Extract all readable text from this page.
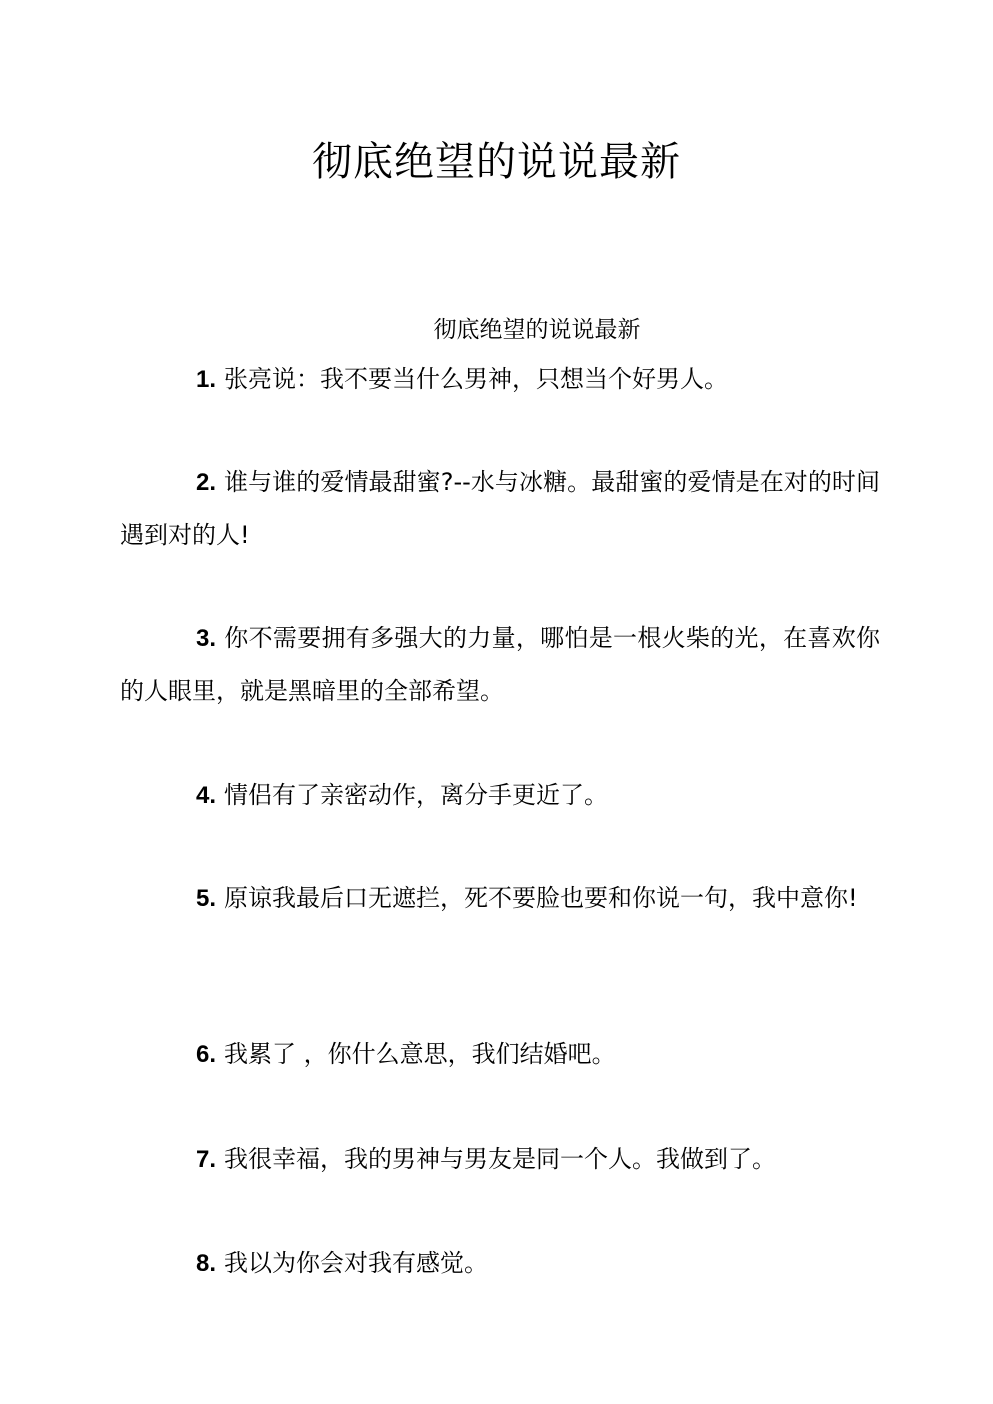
彻底绝望的说说最新
彻底绝望的说说最新
1. 张亮说：我不要当什么男神，只想当个好男人。
2. 谁与谁的爱情最甜蜜?--水与冰糖。最甜蜜的爱情是在对的时间遇到对的人!
3. 你不需要拥有多强大的力量，哪怕是一根火柴的光，在喜欢你的人眼里，就是黑暗里的全部希望。
4. 情侣有了亲密动作，离分手更近了。
5. 原谅我最后口无遮拦，死不要脸也要和你说一句，我中意你!
6. 我累了 ，你什么意思，我们结婚吧。
7. 我很幸福，我的男神与男友是同一个人。我做到了。
8. 我以为你会对我有感觉。
